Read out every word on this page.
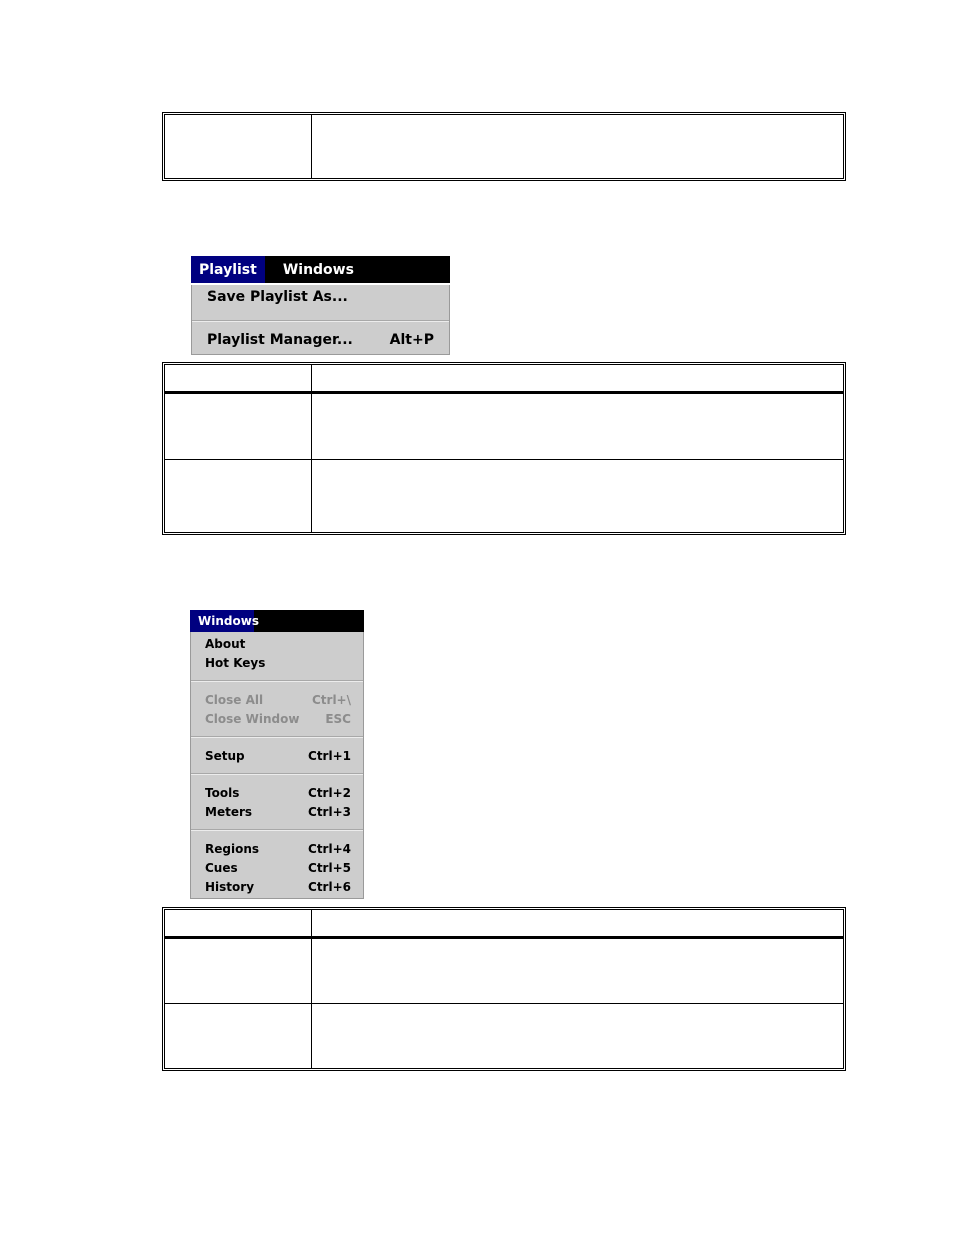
Playlist	Windows
Save Playlist As...
Playlist Manager...	Alt+P
Windows
About
Hot Keys
Close All	Ctrl+\
Close Window ESC
Setup	Ctrl+1
Tools	Ctrl+2
Meters	Ctrl+3
Regions	Ctrl+4
Cues	Ctrl+5
History	Ctrl+6
